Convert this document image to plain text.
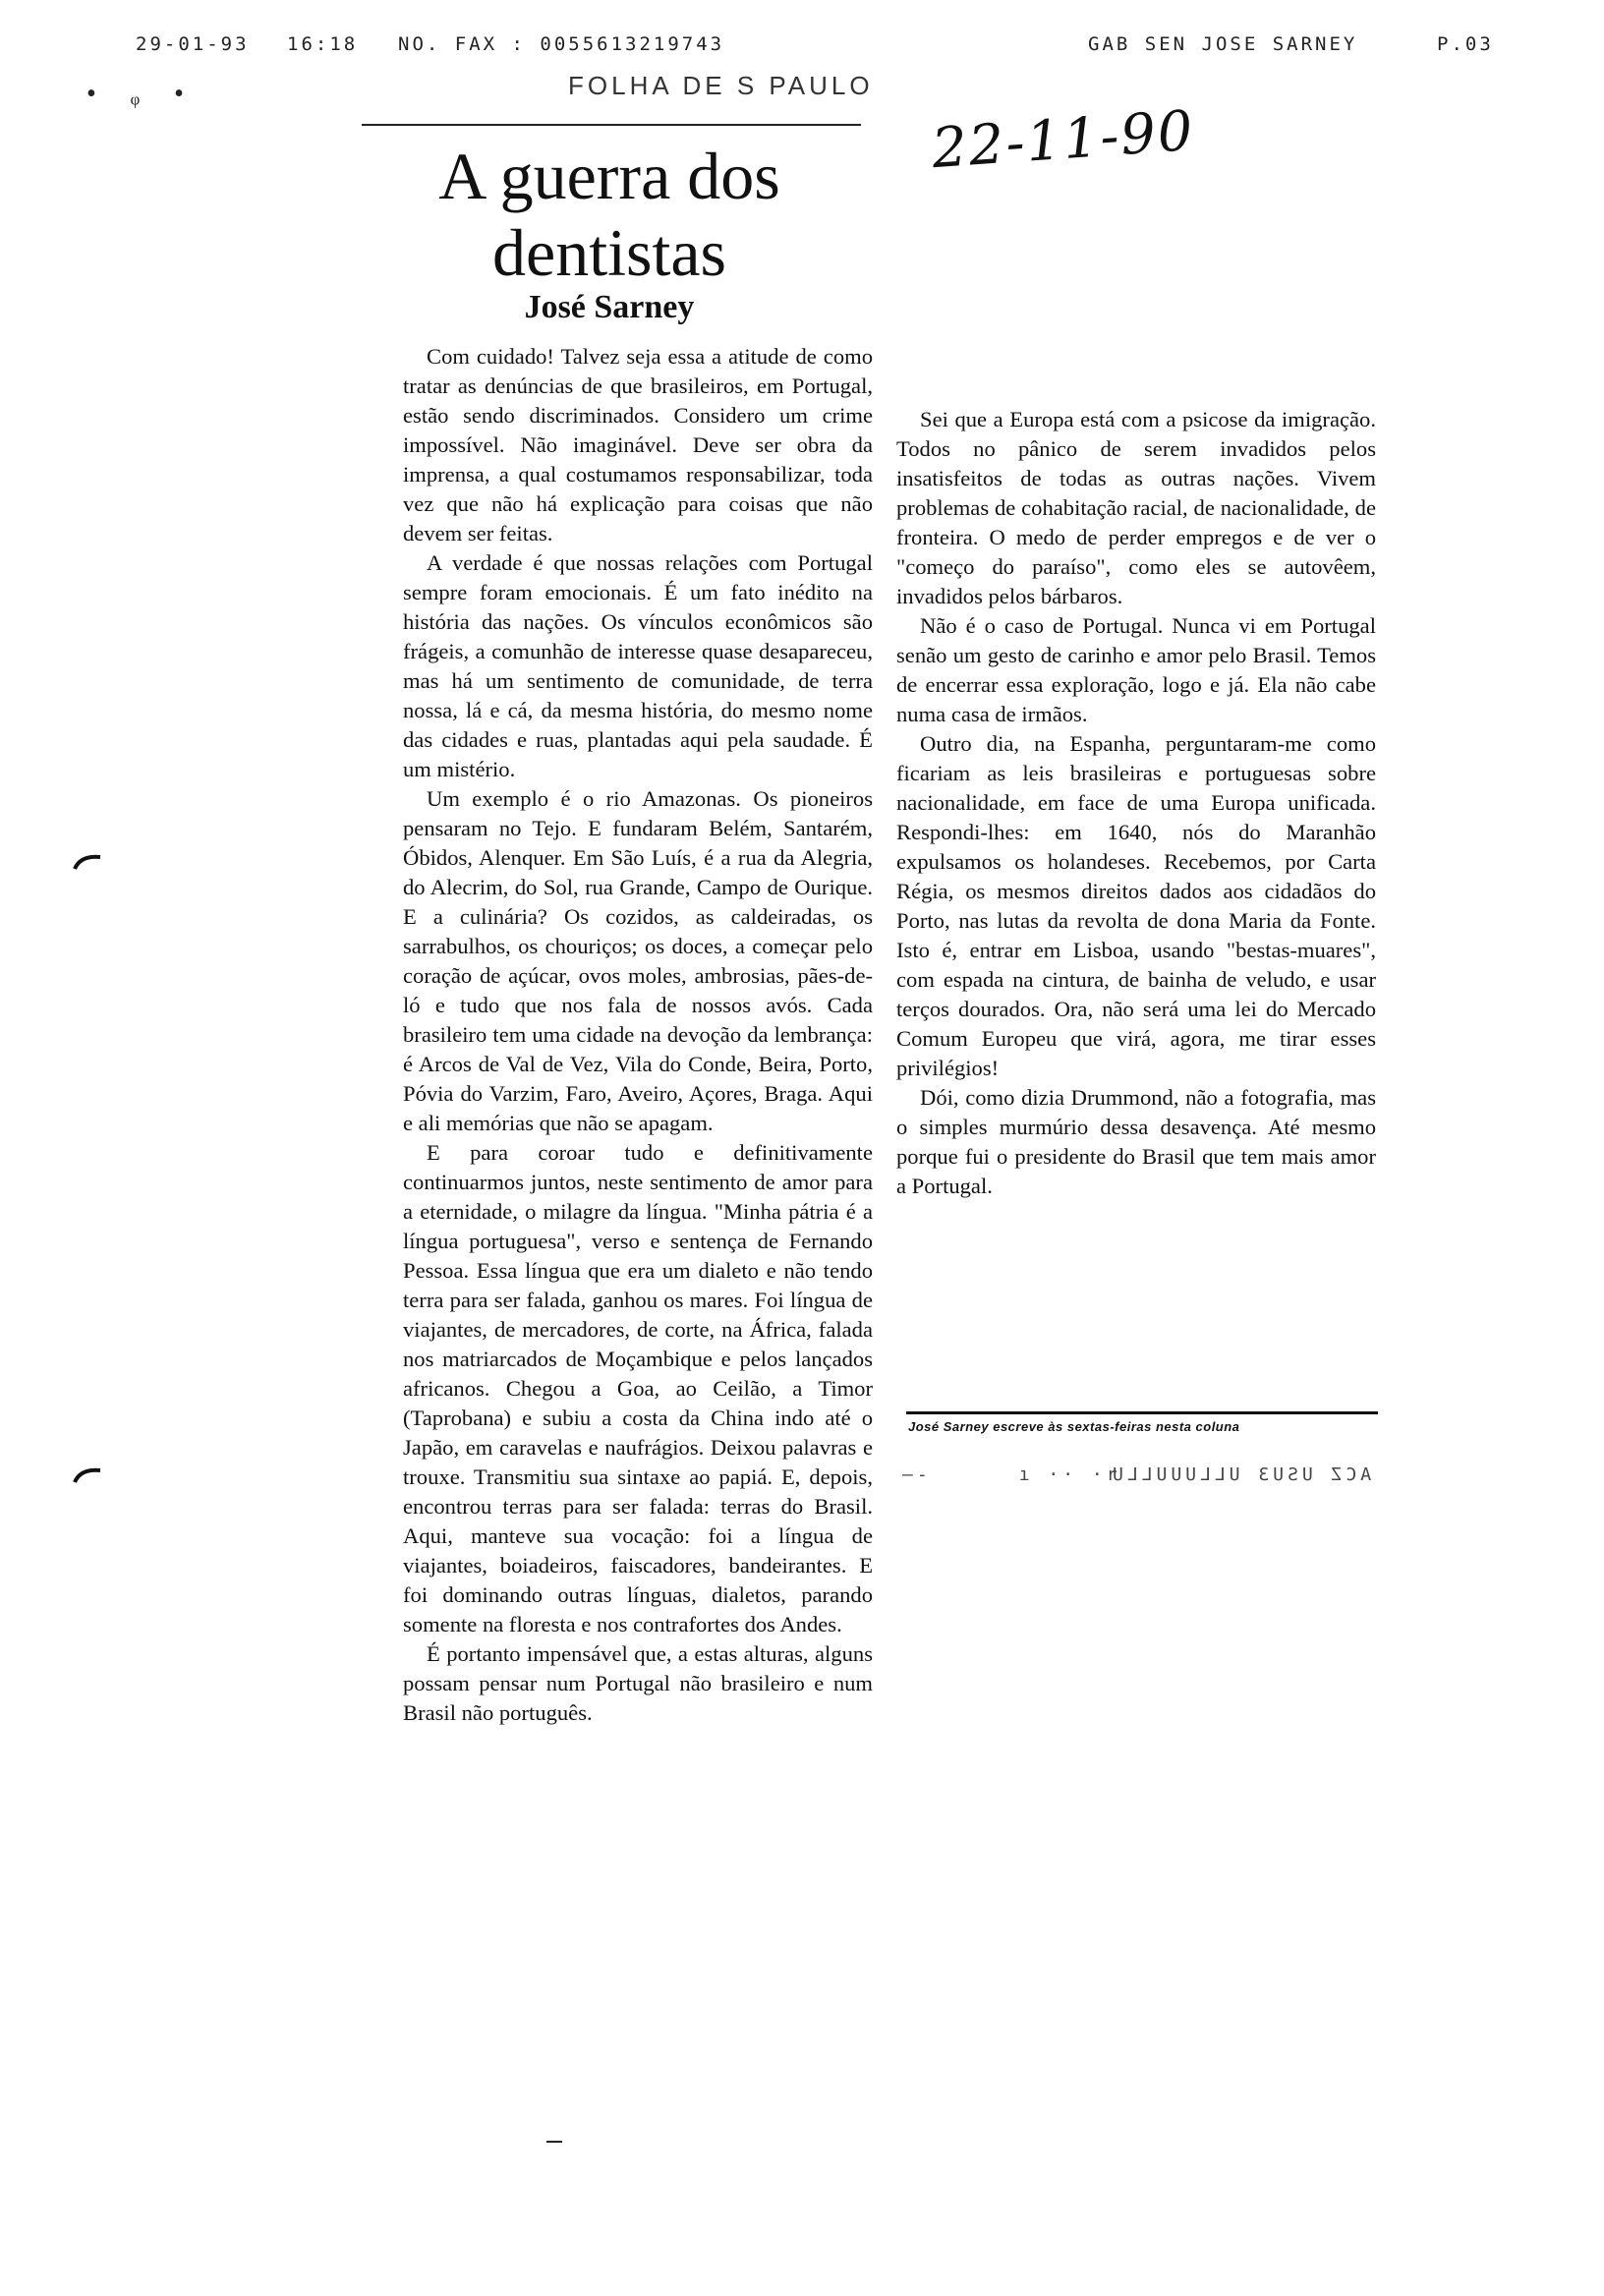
29-01-93 16:18 NO. FAX : 0055613219743	GAB SEN JOSE SARNEY	P.03
• ᵩ •	FOLHA DE S PAULO
22-11-90
A guerra dos
dentistas
José Sarney

Com cuidado! Talvez seja essa a atitude de como tratar as denúncias de que brasileiros, em Portugal, estão sendo discriminados. Considero um crime impossível. Não imaginável. Deve ser obra da imprensa, a qual costumamos responsabilizar, toda vez que não há explicação para coisas que não devem ser feitas.

A verdade é que nossas relações com Portugal sempre foram emocionais. É um fato inédito na história das nações. Os vínculos econômicos são frágeis, a comunhão de interesse quase desapareceu, mas há um sentimento de comunidade, de terra nossa, lá e cá, da mesma história, do mesmo nome das cidades e ruas, plantadas aqui pela saudade. É um mistério.

Um exemplo é o rio Amazonas. Os pioneiros pensaram no Tejo. E fundaram Belém, Santarém, Óbidos, Alenquer. Em São Luís, é a rua da Alegria, do Alecrim, do Sol, rua Grande, Campo de Ourique. E a culinária? Os cozidos, as caldeiradas, os sarrabulhos, os chouriços; os doces, a começar pelo coração de açúcar, ovos moles, ambrosias, pães-de-ló e tudo que nos fala de nossos avós. Cada brasileiro tem uma cidade na devoção da lembrança: é Arcos de Val de Vez, Vila do Conde, Beira, Porto, Póvia do Varzim, Faro, Aveiro, Açores, Braga. Aqui e ali memórias que não se apagam.

E para coroar tudo e definitivamente continuarmos juntos, neste sentimento de amor para a eternidade, o milagre da língua. "Minha pátria é a língua portuguesa", verso e sentença de Fernando Pessoa. Essa língua que era um dialeto e não tendo terra para ser falada, ganhou os mares. Foi língua de viajantes, de mercadores, de corte, na África, falada nos matriarcados de Moçambique e pelos lançados africanos. Chegou a Goa, ao Ceilão, a Timor (Taprobana) e subiu a costa da China indo até o Japão, em caravelas e naufrágios. Deixou palavras e trouxe. Transmitiu sua sintaxe ao papiá. E, depois, encontrou terras para ser falada: terras do Brasil. Aqui, manteve sua vocação: foi a língua de viajantes, boiadeiros, faiscadores, bandeirantes. E foi dominando outras línguas, dialetos, parando somente na floresta e nos contrafortes dos Andes.

É portanto impensável que, a estas alturas, alguns possam pensar num Portugal não brasileiro e num Brasil não português.

Sei que a Europa está com a psicose da imigração. Todos no pânico de serem invadidos pelos insatisfeitos de todas as outras nações. Vivem problemas de cohabitação racial, de nacionalidade, de fronteira. O medo de perder empregos e de ver o "começo do paraíso", como eles se autovêem, invadidos pelos bárbaros.

Não é o caso de Portugal. Nunca vi em Portugal senão um gesto de carinho e amor pelo Brasil. Temos de encerrar essa exploração, logo e já. Ela não cabe numa casa de irmãos.

Outro dia, na Espanha, perguntaram-me como ficariam as leis brasileiras e portuguesas sobre nacionalidade, em face de uma Europa unificada. Respondi-lhes: em 1640, nós do Maranhão expulsamos os holandeses. Recebemos, por Carta Régia, os mesmos direitos dados aos cidadãos do Porto, nas lutas da revolta de dona Maria da Fonte. Isto é, entrar em Lisboa, usando "bestas-muares", com espada na cintura, de bainha de veludo, e usar terços dourados. Ora, não será uma lei do Mercado Comum Europeu que virá, agora, me tirar esses privilégios!

Dói, como dizia Drummond, não a fotografia, mas o simples murmúrio dessa desavença. Até mesmo porque fui o presidente do Brasil que tem mais amor a Portugal.

José Sarney escreve às sextas-feiras nesta coluna
—-      ı ·· ·r
ACZ USU3 ULLUUULLU
